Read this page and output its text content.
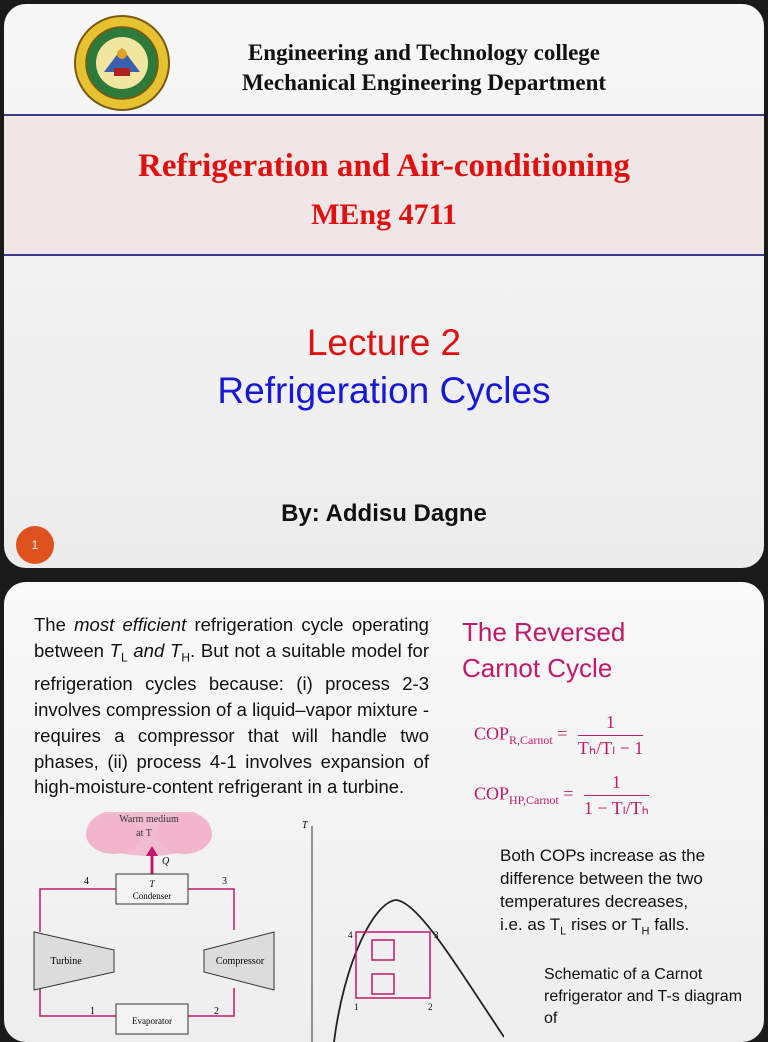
Engineering and Technology college
Mechanical Engineering Department
Refrigeration and Air-conditioning
MEng 4711
Lecture 2
Refrigeration Cycles
By: Addisu Dagne
1
The most efficient refrigeration cycle operating between $T_L$ and $T_H$. But not a suitable model for refrigeration cycles because: (i) process 2-3 involves compression of a liquid–vapor mixture - requires a compressor that will handle two phases, (ii) process 4-1 involves expansion of high-moisture-content refrigerant in a turbine.
The Reversed
Carnot Cycle
$COP_{R,Carnot} = \frac{1}{\text{Tₕ/Tₗ − 1}}$
$COP_{HP,Carnot} = \frac{1}{\text{1 − Tₗ/Tₕ}}$
Both COPs increase as the difference between the two temperatures decreases, i.e. as $T_L$ rises or $T_H$ falls.
Schematic of a Carnot refrigerator and T-s diagram of
Warm medium
at T
Q
T
Condenser
Turbine	Compressor
Evaporator
4	3
1	2
T
4	3
1	2
